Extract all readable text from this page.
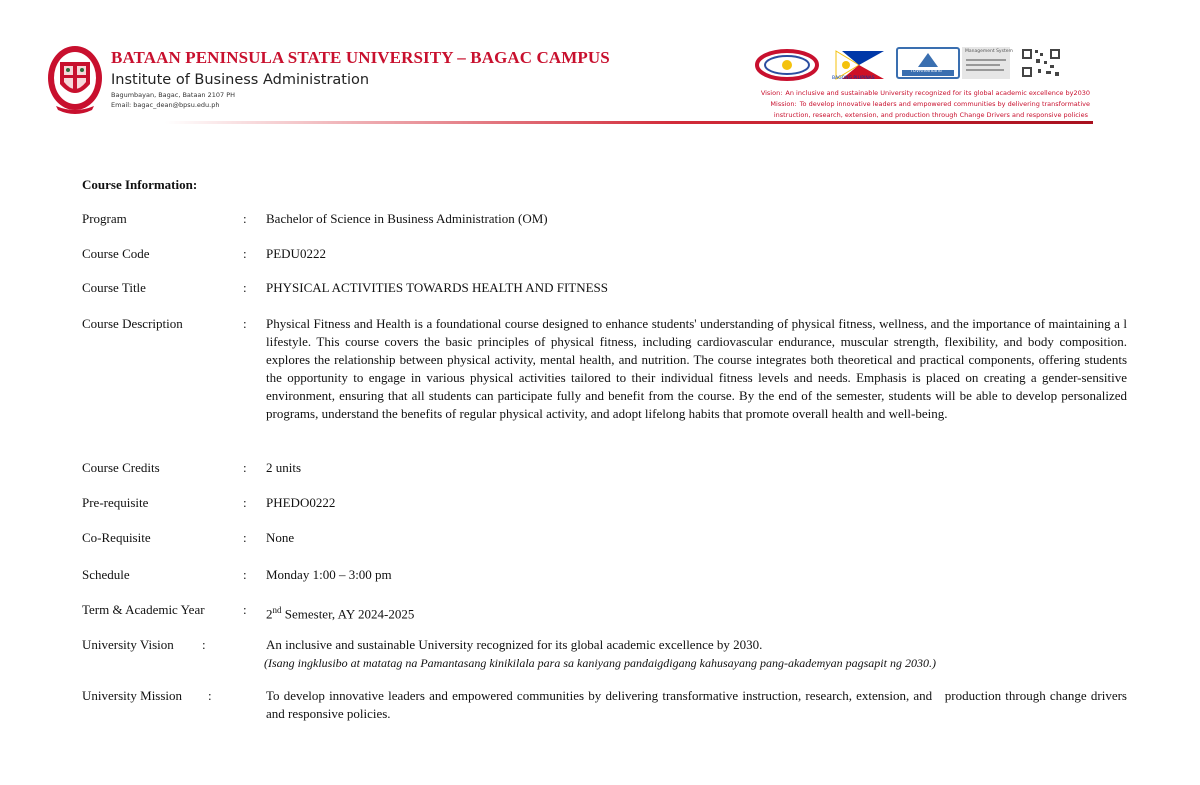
BATAAN PENINSULA STATE UNIVERSITY – BAGAC CAMPUS
Institute of Business Administration
Bagumbayan, Bagac, Bataan 2107 PH
Email: bagac_dean@bpsu.edu.ph
BAGONG PILIPINAS
TÜVRheinland
Management System
Vision: An inclusive and sustainable University recognized for its global academic excellence by2030
Mission: To develop innovative leaders and empowered communities by delivering transformative
instruction, research, extension, and production through Change Drivers and responsive policies
Course Information:
Program	: Bachelor of Science in Business Administration (OM)
Course Code	: PEDU0222
Course Title	: PHYSICAL ACTIVITIES TOWARDS HEALTH AND FITNESS
Course Description	: Physical Fitness and Health is a foundational course designed to enhance students' understanding of physical fitness, wellness, and the importance of maintaining a l lifestyle. This course covers the basic principles of physical fitness, including cardiovascular endurance, muscular strength, flexibility, and body composition. explores the relationship between physical activity, mental health, and nutrition. The course integrates both theoretical and practical components, offering students the opportunity to engage in various physical activities tailored to their individual fitness levels and needs. Emphasis is placed on creating a gender-sensitive environment, ensuring that all students can participate fully and benefit from the course. By the end of the semester, students will be able to develop personalized programs, understand the benefits of regular physical activity, and adopt lifelong habits that promote overall health and well-being.
Course Credits	: 2 units
Pre-requisite	: PHEDO0222
Co-Requisite	: None
Schedule	: Monday 1:00 – 3:00 pm
Term & Academic Year	: 2nd Semester, AY 2024-2025
University Vision :	An inclusive and sustainable University recognized for its global academic excellence by 2030.
(Isang ingklusibo at matatag na Pamantasang kinikilala para sa kaniyang pandaigdigang kahusayang pang-akademyan pagsapit ng 2030.)
University Mission :	To develop innovative leaders and empowered communities by delivering transformative instruction, research, extension, and   production through change drivers and responsive policies.
